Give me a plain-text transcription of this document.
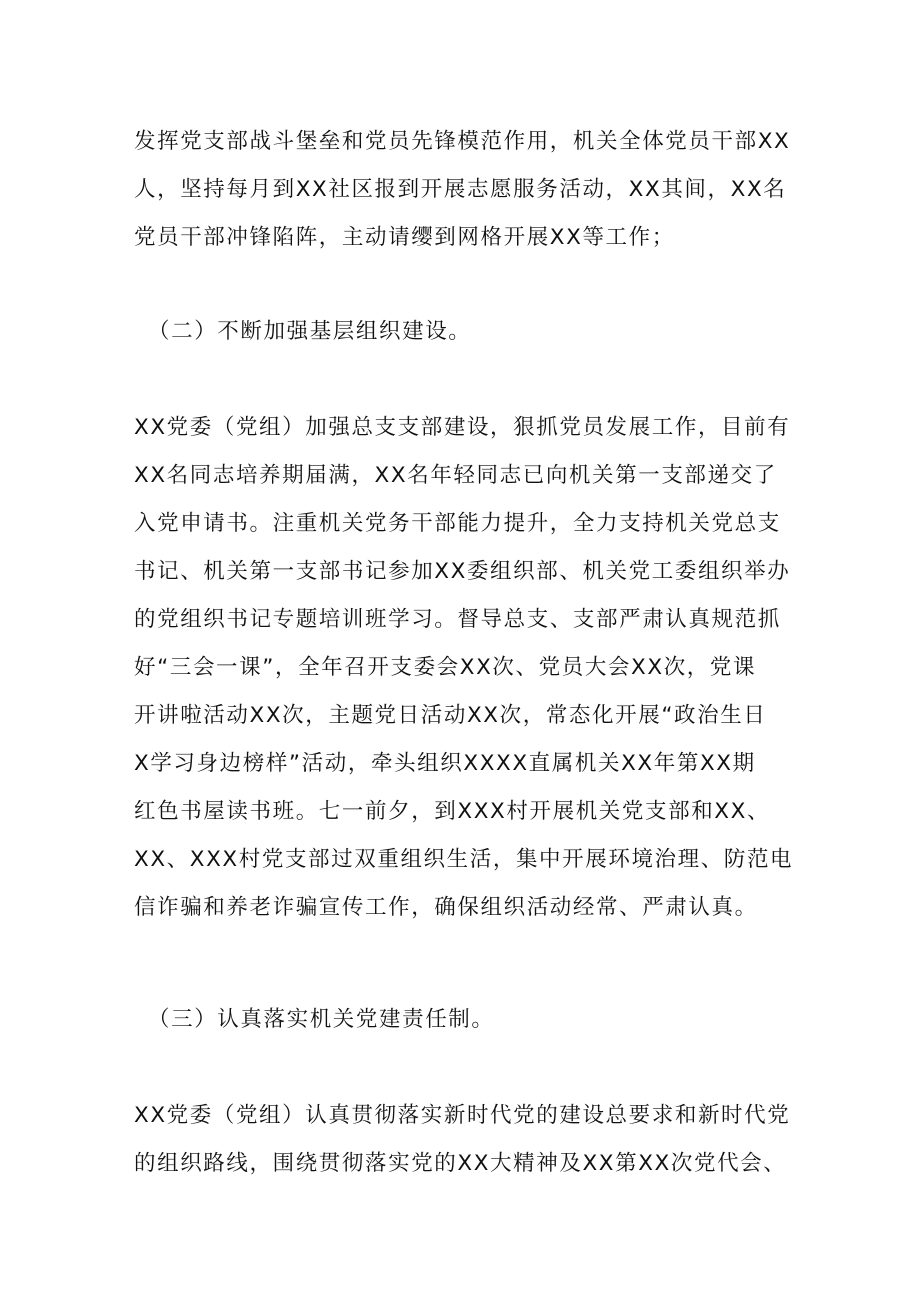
发挥党支部战斗堡垒和党员先锋模范作用，机关全体党员干部XX
人，坚持每月到XX社区报到开展志愿服务活动，XX其间，XX名
党员干部冲锋陷阵，主动请缨到网格开展XX等工作；
（二）不断加强基层组织建设。
XX党委（党组）加强总支支部建设，狠抓党员发展工作，目前有
XX名同志培养期届满，XX名年轻同志已向机关第一支部递交了
入党申请书。注重机关党务干部能力提升，全力支持机关党总支
书记、机关第一支部书记参加XX委组织部、机关党工委组织举办
的党组织书记专题培训班学习。督导总支、支部严肃认真规范抓
好“三会一课”，全年召开支委会XX次、党员大会XX次，党课
开讲啦活动XX次，主题党日活动XX次，常态化开展“政治生日
X学习身边榜样”活动，牵头组织XXXX直属机关XX年第XX期
红色书屋读书班。七一前夕，到XXX村开展机关党支部和XX、
XX、XXX村党支部过双重组织生活，集中开展环境治理、防范电
信诈骗和养老诈骗宣传工作，确保组织活动经常、严肃认真。
（三）认真落实机关党建责任制。
XX党委（党组）认真贯彻落实新时代党的建设总要求和新时代党
的组织路线，围绕贯彻落实党的XX大精神及XX第XX次党代会、
